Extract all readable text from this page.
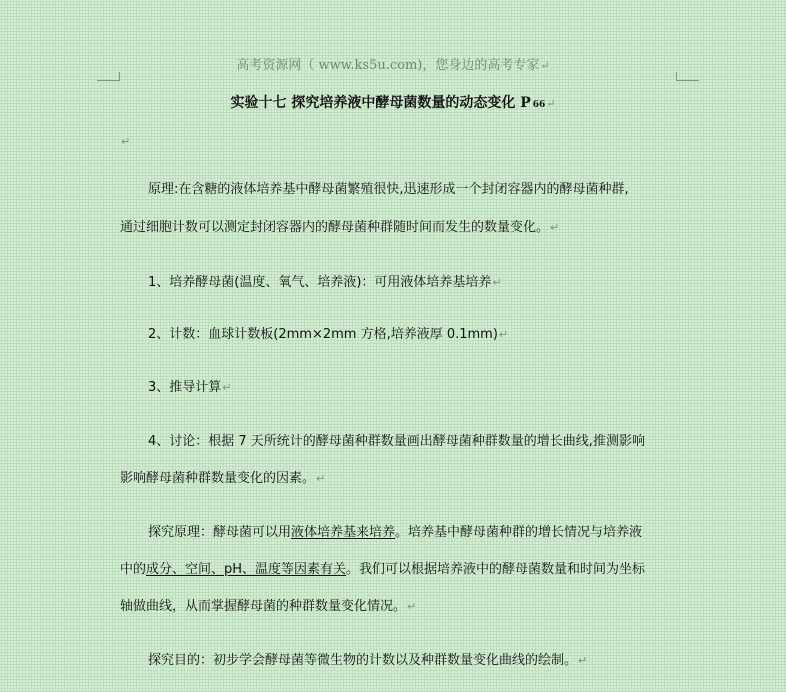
高考资源网（ www.ks5u.com)，您身边的高考专家↵
实验十七 探究培养液中酵母菌数量的动态变化 P 66↵
↵
原理:在含糖的液体培养基中酵母菌繁殖很快,迅速形成一个封闭容器内的酵母菌种群,
通过细胞计数可以测定封闭容器内的酵母菌种群随时间而发生的数量变化。↵
1、培养酵母菌(温度、氧气、培养液)：可用液体培养基培养↵
2、计数：血球计数板(2mm×2mm 方格,培养液厚 0.1mm)↵
3、推导计算↵
4、讨论：根据 7 天所统计的酵母菌种群数量画出酵母菌种群数量的增长曲线,推测影响
影响酵母菌种群数量变化的因素。↵
探究原理：酵母菌可以用液体培养基来培养。培养基中酵母菌种群的增长情况与培养液
中的成分、空间、pH、温度等因素有关。我们可以根据培养液中的酵母菌数量和时间为坐标
轴做曲线，从而掌握酵母菌的种群数量变化情况。↵
探究目的：初步学会酵母菌等微生物的计数以及种群数量变化曲线的绘制。↵
